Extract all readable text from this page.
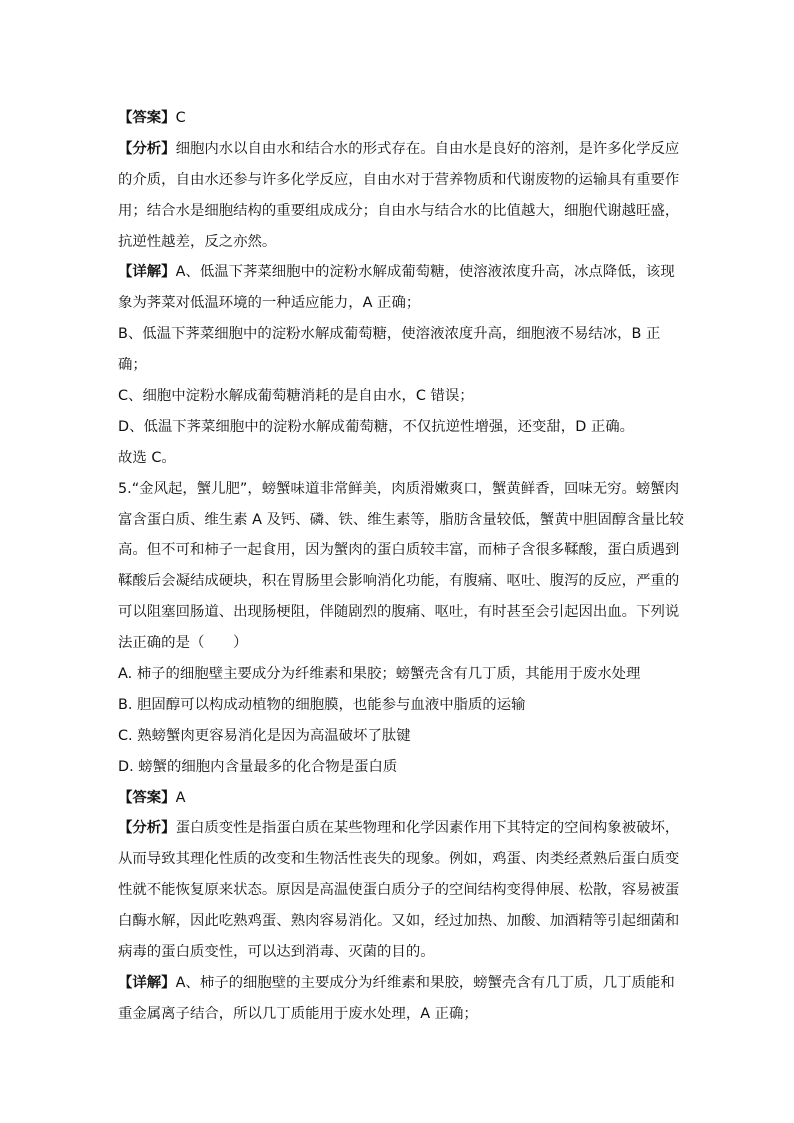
【答案】C
【分析】细胞内水以自由水和结合水的形式存在。自由水是良好的溶剂，是许多化学反应
的介质，自由水还参与许多化学反应，自由水对于营养物质和代谢废物的运输具有重要作
用；结合水是细胞结构的重要组成成分；自由水与结合水的比值越大，细胞代谢越旺盛，
抗逆性越差，反之亦然。
【详解】A、低温下荠菜细胞中的淀粉水解成葡萄糖，使溶液浓度升高，冰点降低，该现
象为荠菜对低温环境的一种适应能力，A 正确；
B、低温下荠菜细胞中的淀粉水解成葡萄糖，使溶液浓度升高，细胞液不易结冰，B 正
确；
C、细胞中淀粉水解成葡萄糖消耗的是自由水，C 错误；
D、低温下荠菜细胞中的淀粉水解成葡萄糖，不仅抗逆性增强，还变甜，D 正确。
故选 C。
5.“金风起，蟹儿肥”，螃蟹味道非常鲜美，肉质滑嫩爽口，蟹黄鲜香，回味无穷。螃蟹肉
富含蛋白质、维生素 A 及钙、磷、铁、维生素等，脂肪含量较低，蟹黄中胆固醇含量比较
高。但不可和柿子一起食用，因为蟹肉的蛋白质较丰富，而柿子含很多鞣酸，蛋白质遇到
鞣酸后会凝结成硬块，积在胃肠里会影响消化功能，有腹痛、呕吐、腹泻的反应，严重的
可以阻塞回肠道、出现肠梗阻，伴随剧烈的腹痛、呕吐，有时甚至会引起因出血。下列说
法正确的是（　　）
A. 柿子的细胞壁主要成分为纤维素和果胶；螃蟹壳含有几丁质，其能用于废水处理
B. 胆固醇可以构成动植物的细胞膜，也能参与血液中脂质的运输
C. 熟螃蟹肉更容易消化是因为高温破坏了肽键
D. 螃蟹的细胞内含量最多的化合物是蛋白质
【答案】A
【分析】蛋白质变性是指蛋白质在某些物理和化学因素作用下其特定的空间构象被破坏，
从而导致其理化性质的改变和生物活性丧失的现象。例如，鸡蛋、肉类经煮熟后蛋白质变
性就不能恢复原来状态。原因是高温使蛋白质分子的空间结构变得伸展、松散，容易被蛋
白酶水解，因此吃熟鸡蛋、熟肉容易消化。又如，经过加热、加酸、加酒精等引起细菌和
病毒的蛋白质变性，可以达到消毒、灭菌的目的。
【详解】A、柿子的细胞壁的主要成分为纤维素和果胶，螃蟹壳含有几丁质，几丁质能和
重金属离子结合，所以几丁质能用于废水处理，A 正确；
